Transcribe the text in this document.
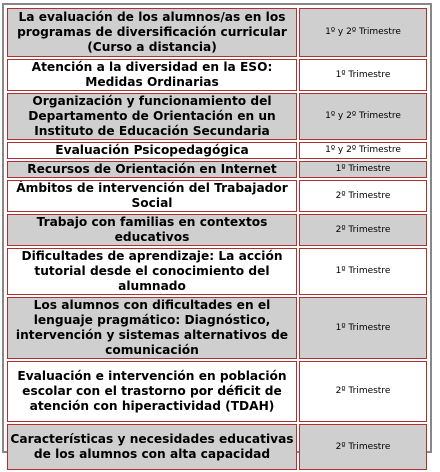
La evaluación de los alumnos/as en los programas de diversificación curricular (Curso a distancia)	1º y 2º Trimestre
Atención a la diversidad en la ESO: Medidas Ordinarias	1º Trimestre
Organización y funcionamiento del Departamento de Orientación en un Instituto de Educación Secundaria	1º y 2º Trimestre
Evaluación Psicopedagógica	1º y 2º Trimestre
Recursos de Orientación en Internet	1º Trimestre
Ámbitos de intervención del Trabajador Social	2º Trimestre
Trabajo con familias en contextos educativos	2º Trimestre
Dificultades de aprendizaje: La acción tutorial desde el conocimiento del alumnado	1º Trimestre
Los alumnos con dificultades en el lenguaje pragmático: Diagnóstico, intervención y sistemas alternativos de comunicación	1º Trimestre
Evaluación e intervención en población escolar con el trastorno por déficit de atención con hiperactividad (TDAH)	2º Trimestre
Características y necesidades educativas de los alumnos con alta capacidad	2º Trimestre
